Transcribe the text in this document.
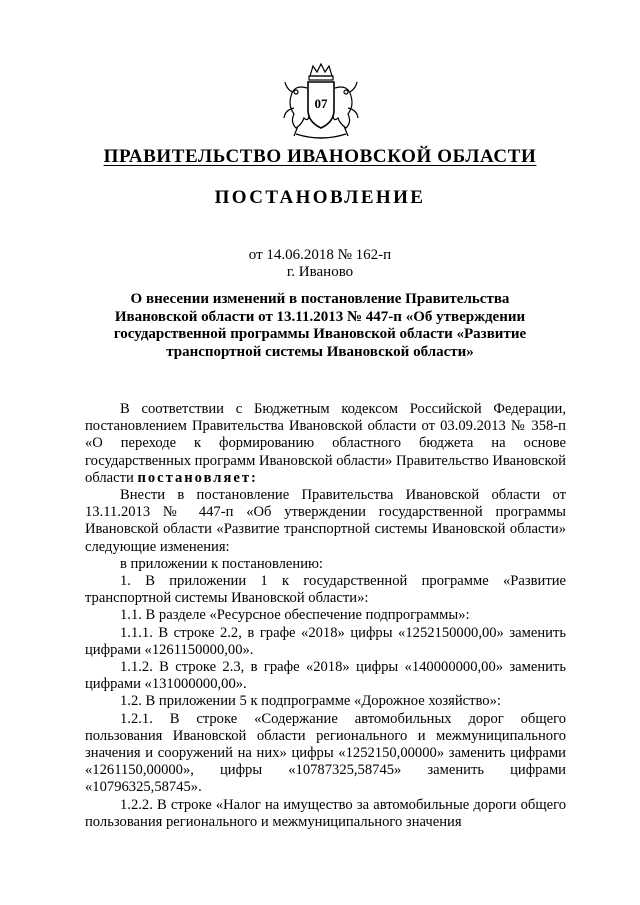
07
ПРАВИТЕЛЬСТВО ИВАНОВСКОЙ ОБЛАСТИ
ПОСТАНОВЛЕНИЕ
от 14.06.2018 № 162-п
г. Иваново
О внесении изменений в постановление Правительства
Ивановской области от 13.11.2013 № 447-п «Об утверждении
государственной программы Ивановской области «Развитие
транспортной системы Ивановской области»

В соответствии с Бюджетным кодексом Российской Федерации, постановлением Правительства Ивановской области от 03.09.2013 № 358-п «О переходе к формированию областного бюджета на основе государственных программ Ивановской области» Правительство Ивановской области постановляет:

Внести в постановление Правительства Ивановской области от 13.11.2013 № 447-п «Об утверждении государственной программы Ивановской области «Развитие транспортной системы Ивановской области» следующие изменения:

в приложении к постановлению:

1. В приложении 1 к государственной программе «Развитие транспортной системы Ивановской области»:

1.1. В разделе «Ресурсное обеспечение подпрограммы»:

1.1.1. В строке 2.2, в графе «2018» цифры «1252150000,00» заменить цифрами «1261150000,00».

1.1.2. В строке 2.3, в графе «2018» цифры «140000000,00» заменить цифрами «131000000,00».

1.2. В приложении 5 к подпрограмме «Дорожное хозяйство»:

1.2.1. В строке «Содержание автомобильных дорог общего пользования Ивановской области регионального и межмуниципального значения и сооружений на них» цифры «1252150,00000» заменить цифрами «1261150,00000», цифры «10787325,58745» заменить цифрами «10796325,58745».

1.2.2. В строке «Налог на имущество за автомобильные дороги общего пользования регионального и межмуниципального значения
